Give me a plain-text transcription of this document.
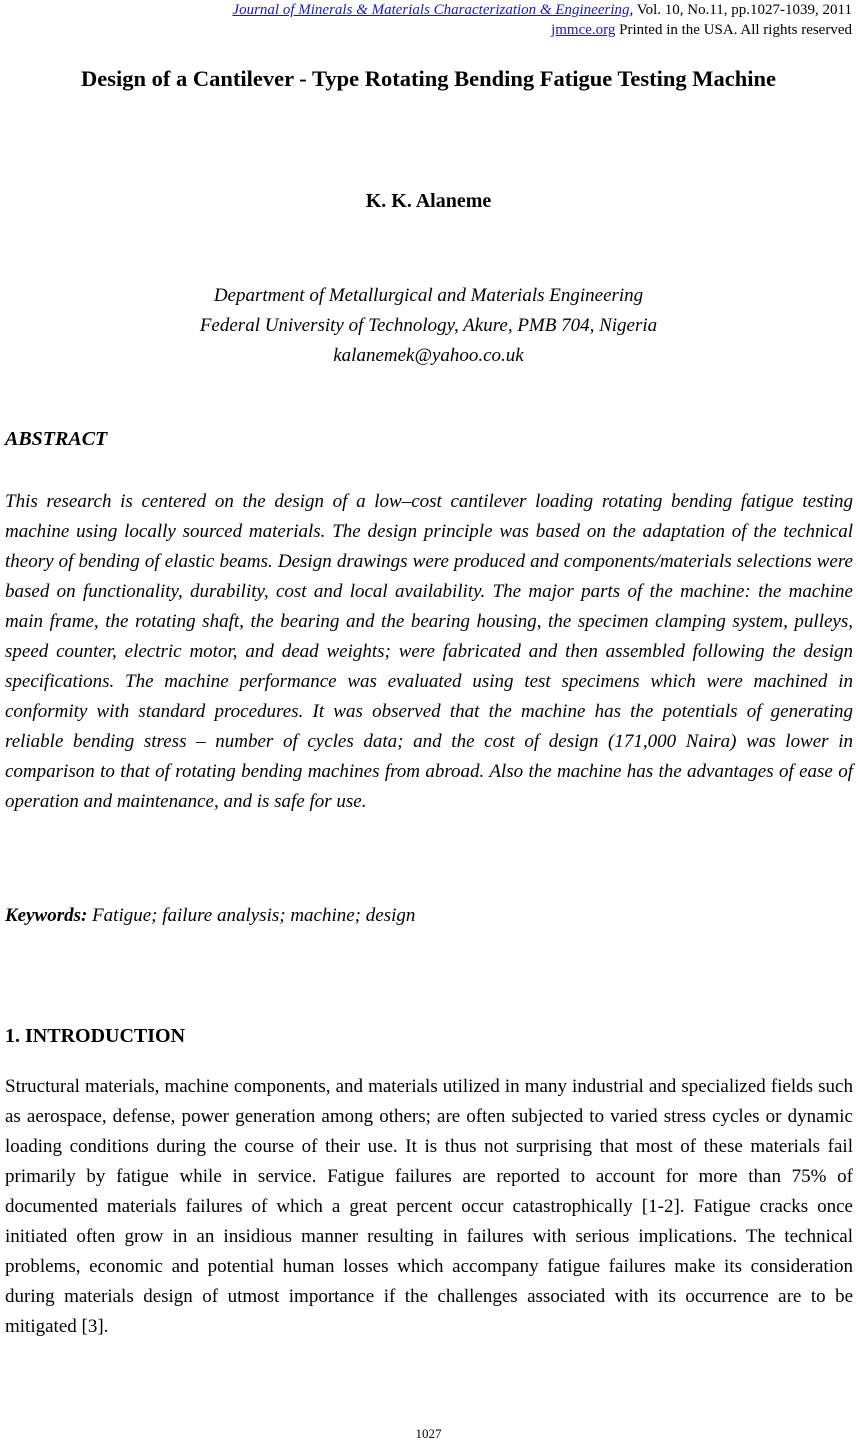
Journal of Minerals & Materials Characterization & Engineering, Vol. 10, No.11, pp.1027-1039, 2011
jmmce.org Printed in the USA. All rights reserved
Design of a Cantilever - Type Rotating Bending Fatigue Testing Machine
K. K. Alaneme
Department of Metallurgical and Materials Engineering
Federal University of Technology, Akure, PMB 704, Nigeria
kalanemek@yahoo.co.uk
ABSTRACT

This research is centered on the design of a low–cost cantilever loading rotating bending fatigue testing machine using locally sourced materials. The design principle was based on the adaptation of the technical theory of bending of elastic beams. Design drawings were produced and components/materials selections were based on functionality, durability, cost and local availability. The major parts of the machine: the machine main frame, the rotating shaft, the bearing and the bearing housing, the specimen clamping system, pulleys, speed counter, electric motor, and dead weights; were fabricated and then assembled following the design specifications. The machine performance was evaluated using test specimens which were machined in conformity with standard procedures. It was observed that the machine has the potentials of generating reliable bending stress – number of cycles data; and the cost of design (171,000 Naira) was lower in comparison to that of rotating bending machines from abroad. Also the machine has the advantages of ease of operation and maintenance, and is safe for use.

Keywords: Fatigue; failure analysis; machine; design

1. INTRODUCTION

Structural materials, machine components, and materials utilized in many industrial and specialized fields such as aerospace, defense, power generation among others; are often subjected to varied stress cycles or dynamic loading conditions during the course of their use. It is thus not surprising that most of these materials fail primarily by fatigue while in service. Fatigue failures are reported to account for more than 75% of documented materials failures of which a great percent occur catastrophically [1-2]. Fatigue cracks once initiated often grow in an insidious manner resulting in failures with serious implications. The technical problems, economic and potential human losses which accompany fatigue failures make its consideration during materials design of utmost importance if the challenges associated with its occurrence are to be mitigated [3].

1027
